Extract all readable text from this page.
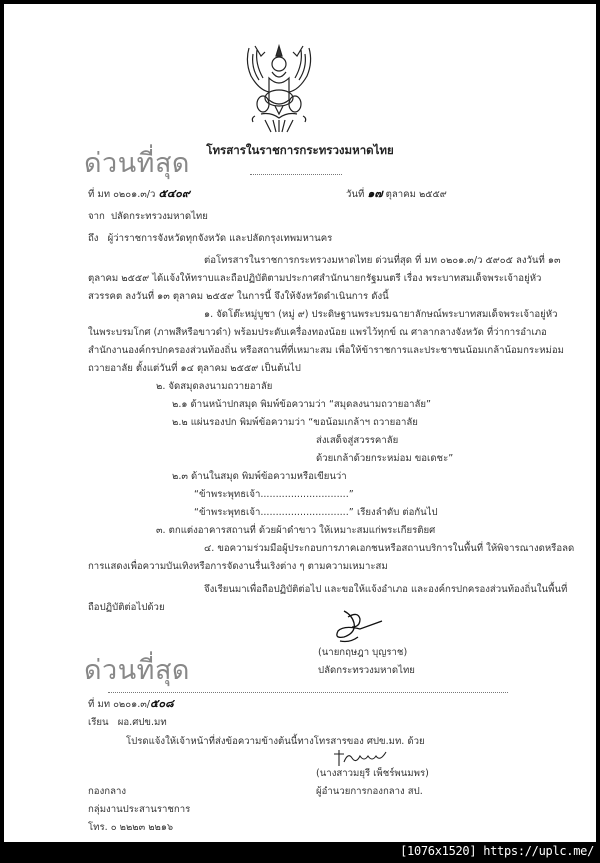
โทรสารในราชการกระทรวงมหาดไทย
ด่วนที่สุด
ที่ มท ๐๒๐๑.๓/ว ๕๔๐๙	วันที่ ๑๗ ตุลาคม ๒๕๕๙
จาก ปลัดกระทรวงมหาดไทย
ถึง ผู้ว่าราชการจังหวัดทุกจังหวัด และปลัดกรุงเทพมหานคร
ต่อโทรสารในราชการกระทรวงมหาดไทย ด่วนที่สุด ที่ มท ๐๒๐๑.๓/ว ๕๙๐๕ ลงวันที่ ๑๓
ตุลาคม ๒๕๕๙ ได้แจ้งให้ทราบและถือปฏิบัติตามประกาศสำนักนายกรัฐมนตรี เรื่อง พระบาทสมเด็จพระเจ้าอยู่หัว
สวรรคต ลงวันที่ ๑๓ ตุลาคม ๒๕๕๙ ในการนี้ จึงให้จังหวัดดำเนินการ ดังนี้
๑. จัดโต๊ะหมู่บูชา (หมู่ ๙) ประดิษฐานพระบรมฉายาลักษณ์พระบาทสมเด็จพระเจ้าอยู่หัว
ในพระบรมโกศ (ภาพสีหรือขาวดำ) พร้อมประดับเครื่องทองน้อย แพรไว้ทุกข์ ณ ศาลากลางจังหวัด ที่ว่าการอำเภอ
สำนักงานองค์กรปกครองส่วนท้องถิ่น หรือสถานที่ที่เหมาะสม เพื่อให้ข้าราชการและประชาชนน้อมเกล้าน้อมกระหม่อม
ถวายอาลัย ตั้งแต่วันที่ ๑๔ ตุลาคม ๒๕๕๙ เป็นต้นไป
๒. จัดสมุดลงนามถวายอาลัย
๒.๑ ด้านหน้าปกสมุด พิมพ์ข้อความว่า “สมุดลงนามถวายอาลัย”
๒.๒ แผ่นรองปก พิมพ์ข้อความว่า “ขอน้อมเกล้าฯ ถวายอาลัย
ส่งเสด็จสู่สวรรคาลัย
ด้วยเกล้าด้วยกระหม่อม ขอเดชะ”
๒.๓ ด้านในสมุด พิมพ์ข้อความหรือเขียนว่า
“ข้าพระพุทธเจ้า.............................”
“ข้าพระพุทธเจ้า.............................” เรียงลำดับ ต่อกันไป
๓. ตกแต่งอาคารสถานที่ ด้วยผ้าดำขาว ให้เหมาะสมแก่พระเกียรติยศ
๔. ขอความร่วมมือผู้ประกอบการภาคเอกชนหรือสถานบริการในพื้นที่ ให้พิจารณางดหรือลด
การแสดงเพื่อความบันเทิงหรือการจัดงานรื่นเริงต่าง ๆ ตามความเหมาะสม
จึงเรียนมาเพื่อถือปฏิบัติต่อไป และขอให้แจ้งอำเภอ และองค์กรปกครองส่วนท้องถิ่นในพื้นที่
ถือปฏิบัติต่อไปด้วย
(นายกฤษฎา บุญราช)
ปลัดกระทรวงมหาดไทย
ด่วนที่สุด
ที่ มท ๐๒๐๑.๓/๕๐๘
เรียน ผอ.ศปข.มท
โปรดแจ้งให้เจ้าหน้าที่ส่งข้อความข้างต้นนี้ทางโทรสารของ ศปข.มท. ด้วย
(นางสาวมยุรี เพ็ชร์พนมพร)
ผู้อำนวยการกองกลาง สป.
กองกลาง
กลุ่มงานประสานราชการ
โทร. ๐ ๒๒๒๓ ๒๒๑๖
[1076x1520] https://uplc.me/
